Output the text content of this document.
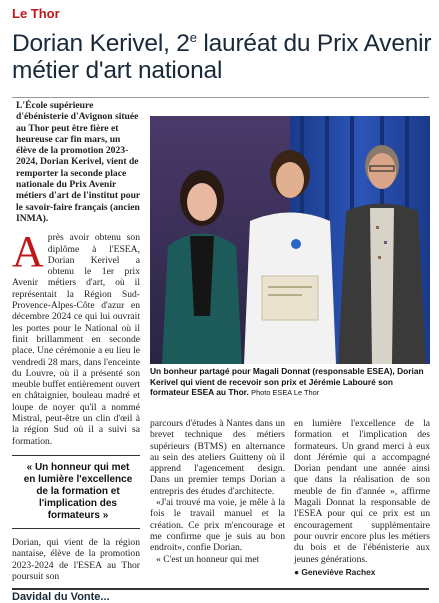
Le Thor
Dorian Kerivel, 2e lauréat du Prix Avenir métier d'art national

L'École supérieure d'ébénisterie d'Avignon située au Thor peut être fière et heureuse car fin mars, un élève de la promotion 2023-2024, Dorian Kerivel, vient de remporter la seconde place nationale du Prix Avenir métiers d'art de l'institut pour le savoir-faire français (ancien INMA).

A près avoir obtenu son diplôme à l'ESEA, Dorian Kerivel a obtenu le 1er prix Avenir métiers d'art, où il représentait la Région Sud-Provence-Alpes-Côte d'azur en décembre 2024 ce qui lui ouvrait les portes pour le National où il finit brillamment en seconde place. Une cérémonie a eu lieu le vendredi 28 mars, dans l'enceinte du Louvre, où il a présenté son meuble buffet entièrement ouvert en châtaignier, bouleau madré et loupe de noyer qu'il a nommé Mistral, peut-être un clin d'œil à la région Sud où il a suivi sa formation.

« Un honneur qui met en lumière l'excellence de la formation et l'implication des formateurs »

Dorian, qui vient de la région nantaise, élève de la promotion 2023-2024 de l'ESEA au Thor poursuit son

Un bonheur partagé pour Magali Donnat (responsable ESEA), Dorian Kerivel qui vient de recevoir son prix et Jérémie Labouré son formateur ESEA au Thor. Photo ESEA Le Thor

parcours d'études à Nantes dans un brevet technique des métiers supérieurs (BTMS) en alternance au sein des ateliers Guitteny où il apprend l'agencement design. Dans un premier temps Dorian a entrepris des études d'architecte.

«J'ai trouvé ma voie, je mêle à la fois le travail manuel et la création. Ce prix m'encourage et me confirme que je suis au bon endroit», confie Dorian.

« C'est un honneur qui met

en lumière l'excellence de la formation et l'implication des formateurs. Un grand merci à eux dont Jérémie qui a accompagné Dorian pendant une année ainsi que dans la réalisation de son meuble de fin d'année », affirme Magali Donnat la responsable de l'ESEA pour qui ce prix est un encouragement supplémentaire pour ouvrir encore plus les métiers du bois et de l'ébénisterie aux jeunes générations.

● Geneviève Rachex
Davidal du Vonte...
